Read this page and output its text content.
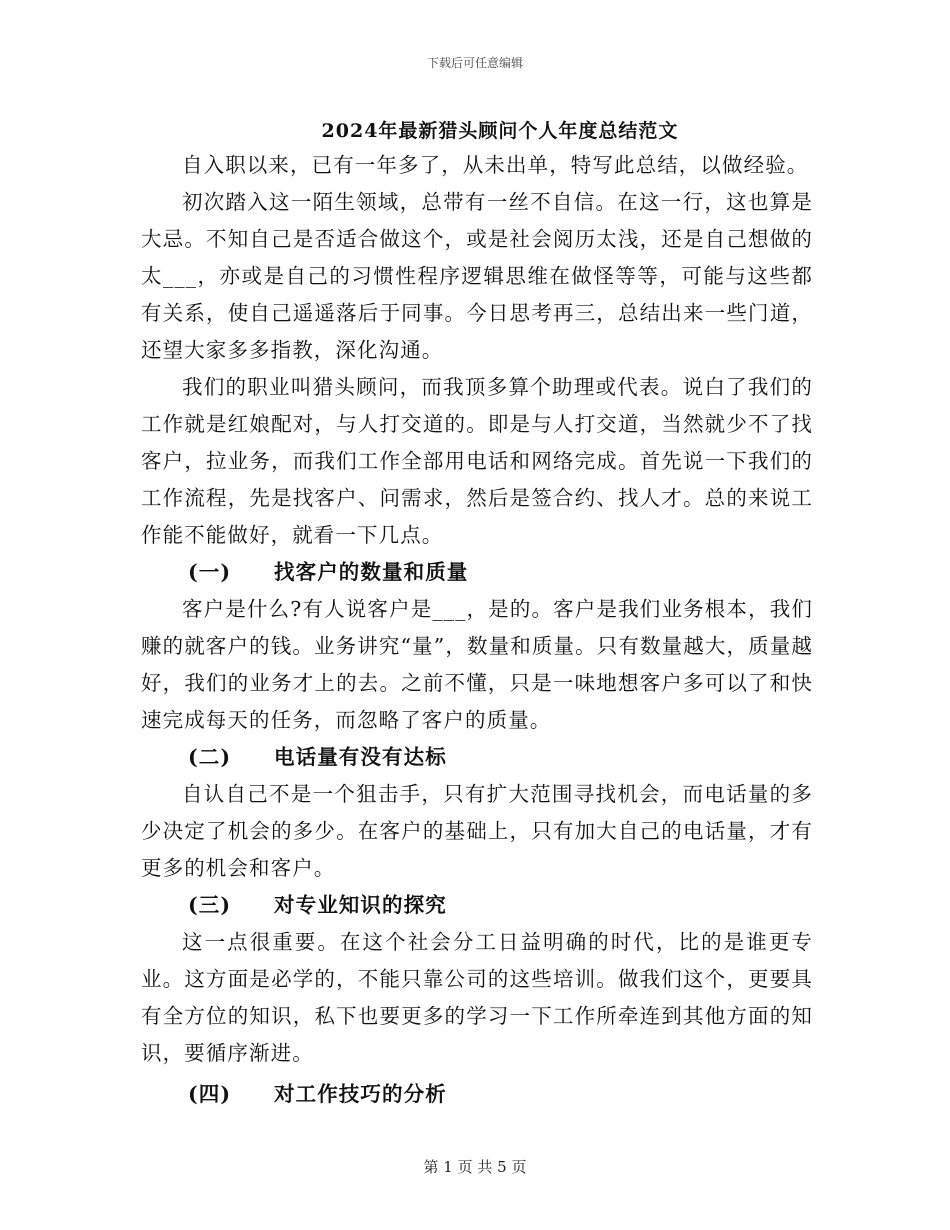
下载后可任意编辑
2024年最新猎头顾问个人年度总结范文

自入职以来，已有一年多了，从未出单，特写此总结，以做经验。

初次踏入这一陌生领域，总带有一丝不自信。在这一行，这也算是大忌。不知自己是否适合做这个，或是社会阅历太浅，还是自己想做的太___，亦或是自己的习惯性程序逻辑思维在做怪等等，可能与这些都有关系，使自己遥遥落后于同事。今日思考再三，总结出来一些门道，还望大家多多指教，深化沟通。

我们的职业叫猎头顾问，而我顶多算个助理或代表。说白了我们的工作就是红娘配对，与人打交道的。即是与人打交道，当然就少不了找客户，拉业务，而我们工作全部用电话和网络完成。首先说一下我们的工作流程，先是找客户、问需求，然后是签合约、找人才。总的来说工作能不能做好，就看一下几点。

(一) 找客户的数量和质量

客户是什么?有人说客户是___，是的。客户是我们业务根本，我们赚的就客户的钱。业务讲究“量”，数量和质量。只有数量越大，质量越好，我们的业务才上的去。之前不懂，只是一味地想客户多可以了和快速完成每天的任务，而忽略了客户的质量。

(二) 电话量有没有达标

自认自己不是一个狙击手，只有扩大范围寻找机会，而电话量的多少决定了机会的多少。在客户的基础上，只有加大自己的电话量，才有更多的机会和客户。

(三) 对专业知识的探究

这一点很重要。在这个社会分工日益明确的时代，比的是谁更专业。这方面是必学的，不能只靠公司的这些培训。做我们这个，更要具有全方位的知识，私下也要更多的学习一下工作所牵连到其他方面的知识，要循序渐进。

(四) 对工作技巧的分析
第 1 页 共 5 页
